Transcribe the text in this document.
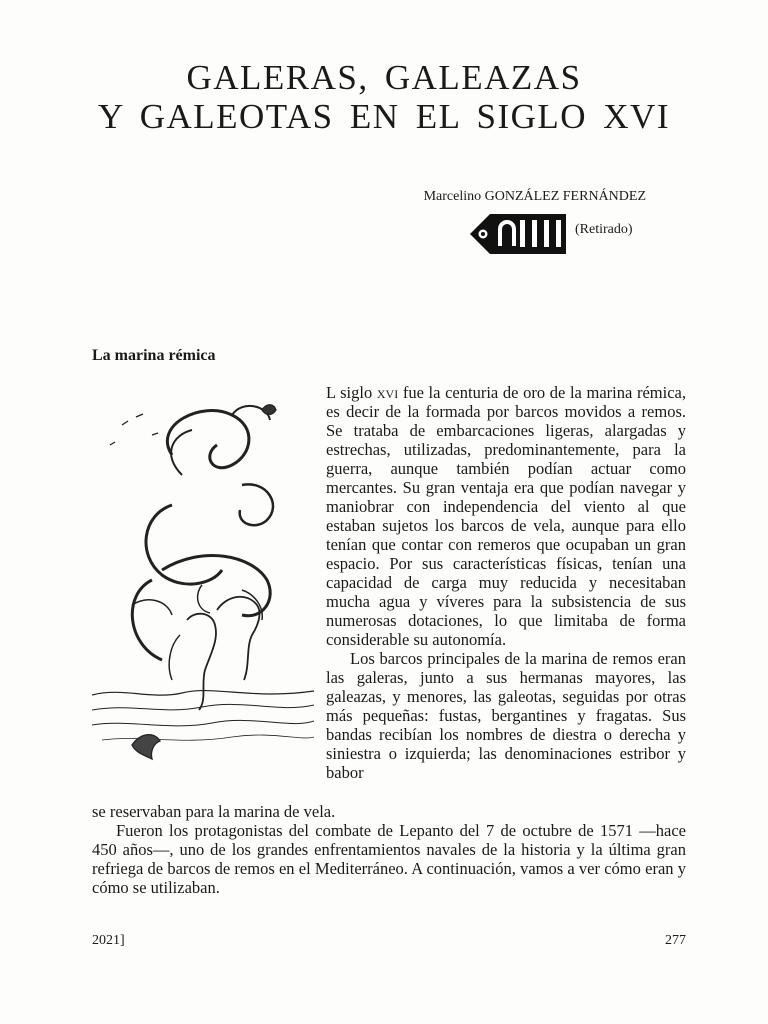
GALERAS, GALEAZAS
Y GALEOTAS EN EL SIGLO XVI
Marcelino GONZÁLEZ FERNÁNDEZ
(Retirado)
La marina rémica

L siglo xvi fue la centuria de oro de la marina rémica, es decir de la formada por barcos movidos a remos. Se trataba de embarcaciones ligeras, alargadas y estrechas, utilizadas, predominantemente, para la guerra, aunque también podían actuar como mercantes. Su gran ventaja era que podían navegar y maniobrar con independencia del viento al que estaban sujetos los barcos de vela, aunque para ello tenían que contar con remeros que ocupaban un gran espacio. Por sus características físicas, tenían una capacidad de carga muy reducida y necesitaban mucha agua y víveres para la subsistencia de sus numerosas dotaciones, lo que limitaba de forma considerable su autonomía.

Los barcos principales de la marina de remos eran las galeras, junto a sus hermanas mayores, las galeazas, y menores, las galeotas, seguidas por otras más pequeñas: fustas, bergantines y fragatas. Sus bandas recibían los nombres de diestra o derecha y siniestra o izquierda; las denominaciones estribor y babor

se reservaban para la marina de vela.

Fueron los protagonistas del combate de Lepanto del 7 de octubre de 1571 —hace 450 años—, uno de los grandes enfrentamientos navales de la historia y la última gran refriega de barcos de remos en el Mediterráneo. A continuación, vamos a ver cómo eran y cómo se utilizaban.

2021]	277
